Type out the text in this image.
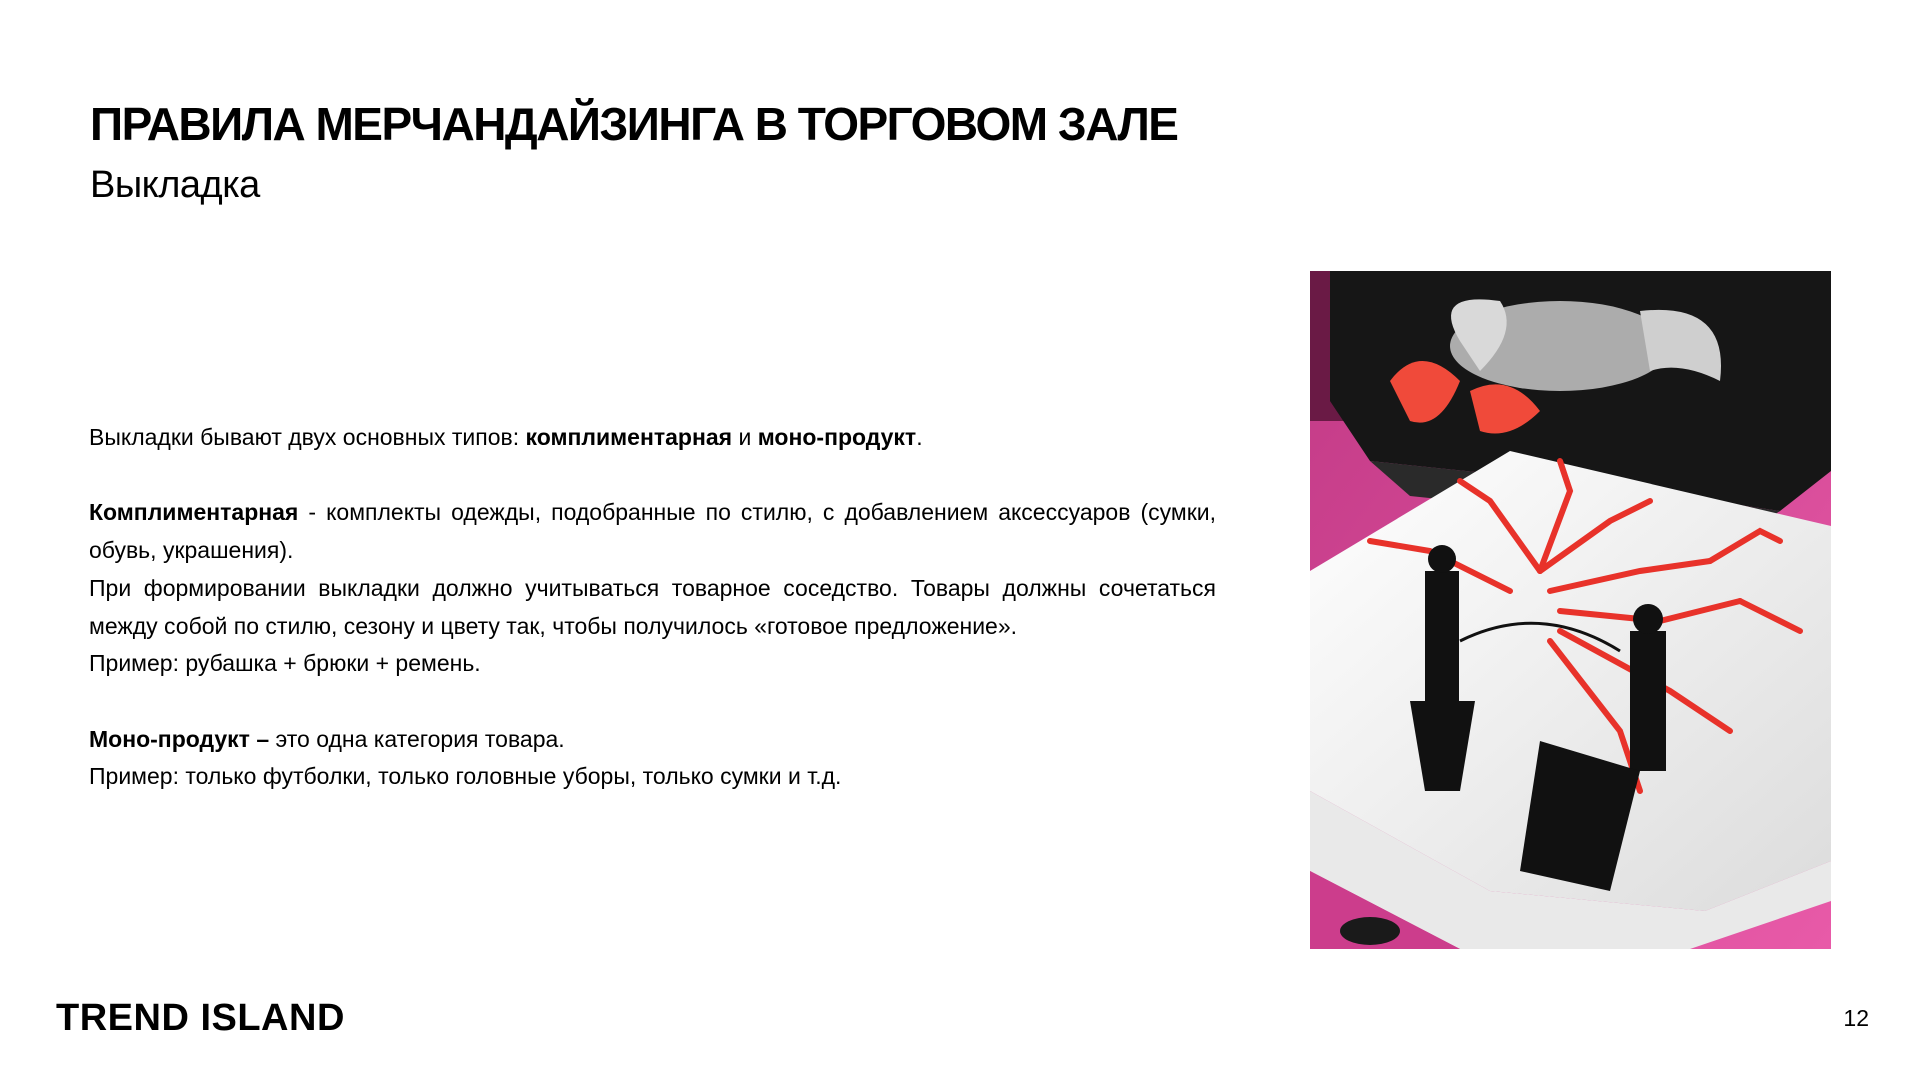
ПРАВИЛА МЕРЧАНДАЙЗИНГА В ТОРГОВОМ ЗАЛЕ
Выкладка

Выкладки бывают двух основных типов: комплиментарная и моно-продукт.

Комплиментарная - комплекты одежды, подобранные по стилю, с добавлением аксессуаров (сумки, обувь, украшения).

При формировании выкладки должно учитываться товарное соседство. Товары должны сочетаться между собой по стилю, сезону и цвету так, чтобы получилось «готовое предложение».

Пример: рубашка + брюки + ремень.

Моно-продукт – это одна категория товара.

Пример: только футболки, только головные уборы, только сумки и т.д.

TREND ISLAND	12
